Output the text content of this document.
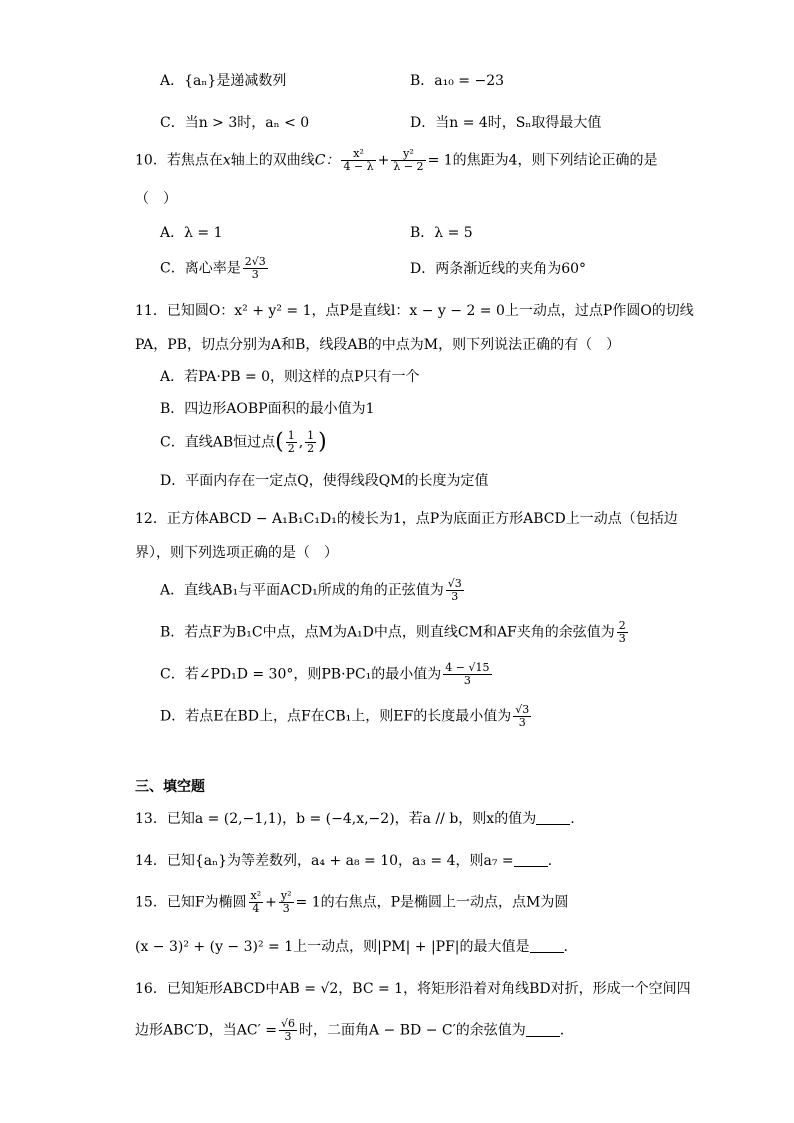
A．{aₙ}是递减数列	B．a₁₀ = −23
C．当n > 3时，aₙ < 0	D．当n = 4时，Sₙ取得最大值
10．若焦点在x轴上的双曲线C： $\frac{\text{x²}}{4 - \lambda} + \frac{\text{y²}}{\lambda - 2} = 1$的焦距为4，则下列结论正确的是
（　）
A．λ = 1	B．λ = 5
C．离心率是 $\frac{2√3}{3}$	D．两条渐近线的夹角为60°
11．已知圆O：x² + y² = 1，点P是直线l：x − y − 2 = 0上一动点，过点P作圆O的切线
PA，PB，切点分别为A和B，线段AB的中点为M，则下列说法正确的有（　）
A．若PA·PB = 0，则这样的点P只有一个
B．四边形AOBP面积的最小值为1
C．直线AB恒过点( $\frac{1}{2}$ , $\frac{1}{2}$ )
D．平面内存在一定点Q，使得线段QM的长度为定值
12．正方体ABCD − A₁B₁C₁D₁的棱长为1，点P为底面正方形ABCD上一动点（包括边
界），则下列选项正确的是（　）
A．直线AB₁与平面ACD₁所成的角的正弦值为 $\frac{√3}{3}$
B．若点F为B₁C中点，点M为A₁D中点，则直线CM和AF夹角的余弦值为 $\frac{2}{3}$
C．若∠PD₁D = 30°，则PB·PC₁的最小值为 $\frac{4 - √15}{3}$
D．若点E在BD上，点F在CB₁上，则EF的长度最小值为 $\frac{√3}{3}$
三、填空题
13．已知a = (2,−1,1)，b = (−4,x,−2)，若a // b，则x的值为 .
14．已知{aₙ}为等差数列，a₄ + a₈ = 10，a₃ = 4，则a₇ = .
15．已知F为椭圆 $\frac{\text{x²}}{4} + \frac{\text{y²}}{3} = 1$的右焦点，P是椭圆上一动点，点M为圆
(x − 3)² + (y − 3)² = 1上一动点，则|PM| + |PF|的最大值是 .
16．已知矩形ABCD中AB = √2，BC = 1，将矩形沿着对角线BD对折，形成一个空间四
边形ABC′D，当$AC' = \frac{√6}{3}$ 时，二面角A − BD − C′的余弦值为 .
